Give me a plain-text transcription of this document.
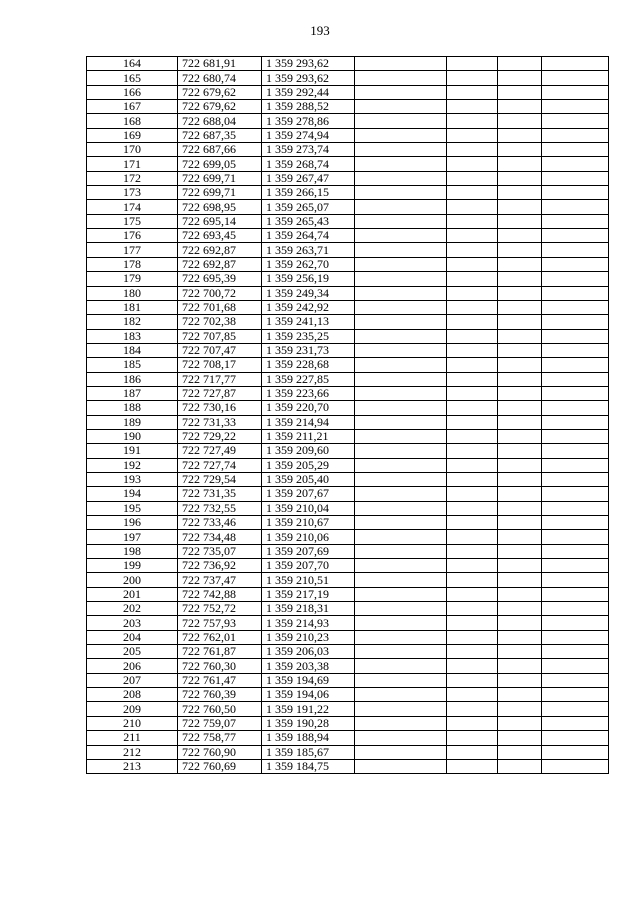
193
164	722 681,91	1 359 293,62				
165	722 680,74	1 359 293,62				
166	722 679,62	1 359 292,44				
167	722 679,62	1 359 288,52				
168	722 688,04	1 359 278,86				
169	722 687,35	1 359 274,94				
170	722 687,66	1 359 273,74				
171	722 699,05	1 359 268,74				
172	722 699,71	1 359 267,47				
173	722 699,71	1 359 266,15				
174	722 698,95	1 359 265,07				
175	722 695,14	1 359 265,43				
176	722 693,45	1 359 264,74				
177	722 692,87	1 359 263,71				
178	722 692,87	1 359 262,70				
179	722 695,39	1 359 256,19				
180	722 700,72	1 359 249,34				
181	722 701,68	1 359 242,92				
182	722 702,38	1 359 241,13				
183	722 707,85	1 359 235,25				
184	722 707,47	1 359 231,73				
185	722 708,17	1 359 228,68				
186	722 717,77	1 359 227,85				
187	722 727,87	1 359 223,66				
188	722 730,16	1 359 220,70				
189	722 731,33	1 359 214,94				
190	722 729,22	1 359 211,21				
191	722 727,49	1 359 209,60				
192	722 727,74	1 359 205,29				
193	722 729,54	1 359 205,40				
194	722 731,35	1 359 207,67				
195	722 732,55	1 359 210,04				
196	722 733,46	1 359 210,67				
197	722 734,48	1 359 210,06				
198	722 735,07	1 359 207,69				
199	722 736,92	1 359 207,70				
200	722 737,47	1 359 210,51				
201	722 742,88	1 359 217,19				
202	722 752,72	1 359 218,31				
203	722 757,93	1 359 214,93				
204	722 762,01	1 359 210,23				
205	722 761,87	1 359 206,03				
206	722 760,30	1 359 203,38				
207	722 761,47	1 359 194,69				
208	722 760,39	1 359 194,06				
209	722 760,50	1 359 191,22				
210	722 759,07	1 359 190,28				
211	722 758,77	1 359 188,94				
212	722 760,90	1 359 185,67				
213	722 760,69	1 359 184,75				
